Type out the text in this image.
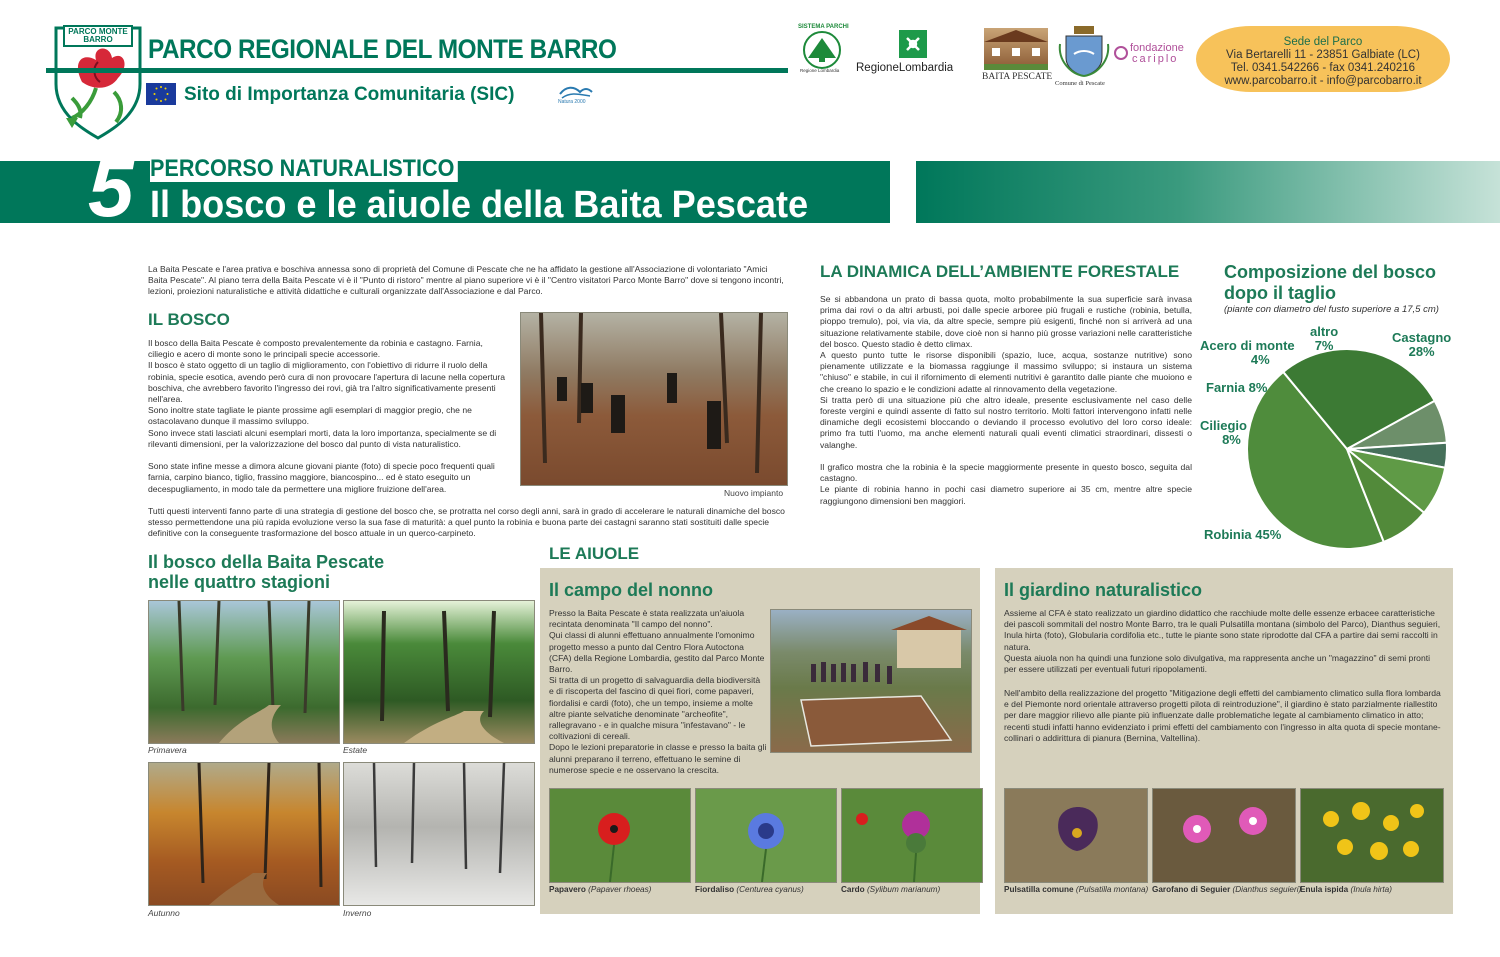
PARCO MONTE BARRO	PARCO REGIONALE DEL MONTE BARRO
Sito di Importanza Comunitaria (SIC)	Natura 2000
SISTEMA PARCHI
Regione Lombardia RegioneLombardia
BAITA PESCATE
Comune di Pescate
fondazione
cariplo
Sede del Parco
Via Bertarelli 11 - 23851 Galbiate (LC)
Tel. 0341.542266 - fax 0341.240216
www.parcobarro.it - info@parcobarro.it
5 PERCORSO NATURALISTICO
Il bosco e le aiuole della Baita Pescate
La Baita Pescate e l'area prativa e boschiva annessa sono di proprietà del Comune di Pescate che ne ha affidato la gestione all'Associazione di volontariato "Amici Baita Pescate". Al piano terra della Baita Pescate vi è il "Punto di ristoro" mentre al piano superiore vi è il "Centro visitatori Parco Monte Barro" dove si tengono incontri, lezioni, proiezioni naturalistiche e attività didattiche e culturali organizzate dall'Associazione e dal Parco.
IL BOSCO
Il bosco della Baita Pescate è composto prevalentemente da robinia e castagno. Farnia, ciliegio e acero di monte sono le principali specie accessorie.
Il bosco è stato oggetto di un taglio di miglioramento, con l'obiettivo di ridurre il ruolo della robinia, specie esotica, avendo però cura di non provocare l'apertura di lacune nella copertura boschiva, che avrebbero favorito l'ingresso dei rovi, già tra l'altro significativamente presenti nell'area.
Sono inoltre state tagliate le piante prossime agli esemplari di maggior pregio, che ne ostacolavano dunque il massimo sviluppo.
Sono invece stati lasciati alcuni esemplari morti, data la loro importanza, specialmente se di rilevanti dimensioni, per la valorizzazione del bosco dal punto di vista naturalistico.

Sono state infine messe a dimora alcune giovani piante (foto) di specie poco frequenti quali farnia, carpino bianco, tiglio, frassino maggiore, biancospino... ed è stato eseguito un decespugliamento, in modo tale da permettere una migliore fruizione dell'area.	Nuovo impianto
Tutti questi interventi fanno parte di una strategia di gestione del bosco che, se protratta nel corso degli anni, sarà in grado di accelerare le naturali dinamiche del bosco stesso permettendone una più rapida evoluzione verso la sua fase di maturità: a quel punto la robinia e buona parte dei castagni saranno stati sostituiti dalle specie definitive con la conseguente trasformazione del bosco attuale in un querco-carpineto.
LA DINAMICA DELL’AMBIENTE FORESTALE
Se si abbandona un prato di bassa quota, molto probabilmente la sua superficie sarà invasa prima dai rovi o da altri arbusti, poi dalle specie arboree più frugali e rustiche (robinia, betulla, pioppo tremulo), poi, via via, da altre specie, sempre più esigenti, finché non si arriverà ad una situazione relativamente stabile, dove cioè non si hanno più grosse variazioni nelle caratteristiche del bosco. Questo stadio è detto climax.
A questo punto tutte le risorse disponibili (spazio, luce, acqua, sostanze nutritive) sono pienamente utilizzate e la biomassa raggiunge il massimo sviluppo; si instaura un sistema "chiuso" e stabile, in cui il rifornimento di elementi nutritivi è garantito dalle piante che muoiono e che creano lo spazio e le condizioni adatte al rinnovamento della vegetazione.
Si tratta però di una situazione più che altro ideale, presente esclusivamente nel caso delle foreste vergini e quindi assente di fatto sul nostro territorio. Molti fattori intervengono infatti nelle dinamiche degli ecosistemi bloccando o deviando il processo evolutivo del loro corso ideale: primo fra tutti l'uomo, ma anche elementi naturali quali eventi climatici straordinari, dissesti o valanghe.

Il grafico mostra che la robinia è la specie maggiormente presente in questo bosco, seguita dal castagno.
Le piante di robinia hanno in pochi casi diametro superiore ai 35 cm, mentre altre specie raggiungono dimensioni ben maggiori.
Composizione del bosco dopo il taglio
(piante con diametro del fusto superiore a 17,5 cm)
Castagno
28%
altro
7%
Acero di monte
4%
Farnia 8%
Ciliegio
8%
Robinia 45%
Il bosco della Baita Pescate
nelle quattro stagioni
Primavera	Estate
Autunno	Inverno
LE AIUOLE
Il campo del nonno
Presso la Baita Pescate è stata realizzata un'aiuola recintata denominata "Il campo del nonno".
Qui classi di alunni effettuano annualmente l'omonimo progetto messo a punto dal Centro Flora Autoctona (CFA) della Regione Lombardia, gestito dal Parco Monte Barro.
Si tratta di un progetto di salvaguardia della biodiversità e di riscoperta del fascino di quei fiori, come papaveri, fiordalisi e cardi (foto), che un tempo, insieme a molte altre piante selvatiche denominate "archeofite", rallegravano - e in qualche misura "infestavano" - le coltivazioni di cereali.
Dopo le lezioni preparatorie in classe e presso la baita gli alunni preparano il terreno, effettuano le semine di numerose specie e ne osservano la crescita.
Papavero (Papaver rhoeas)	Fiordaliso (Centurea cyanus)	Cardo (Sylibum marianum)
Il giardino naturalistico
Assieme al CFA è stato realizzato un giardino didattico che racchiude molte delle essenze erbacee caratteristiche dei pascoli sommitali del nostro Monte Barro, tra le quali Pulsatilla montana (simbolo del Parco), Dianthus seguieri, Inula hirta (foto), Globularia cordifolia etc., tutte le piante sono state riprodotte dal CFA a partire dai semi raccolti in natura.
Questa aiuola non ha quindi una funzione solo divulgativa, ma rappresenta anche un "magazzino" di semi pronti per essere utilizzati per eventuali futuri ripopolamenti.
Nell'ambito della realizzazione del progetto "Mitigazione degli effetti del cambiamento climatico sulla flora lombarda e del Piemonte nord orientale attraverso progetti pilota di reintroduzione", il giardino è stato parzialmente riallestito per dare maggior rilievo alle piante più influenzate dalle problematiche legate al cambiamento climatico in atto; recenti studi infatti hanno evidenziato i primi effetti del cambiamento con l'ingresso in alta quota di specie montane-collinari o addirittura di pianura (Bernina, Valtellina).
Pulsatilla comune (Pulsatilla montana) Garofano di Seguier (Dianthus seguieri)
Enula ispida (Inula hirta)
